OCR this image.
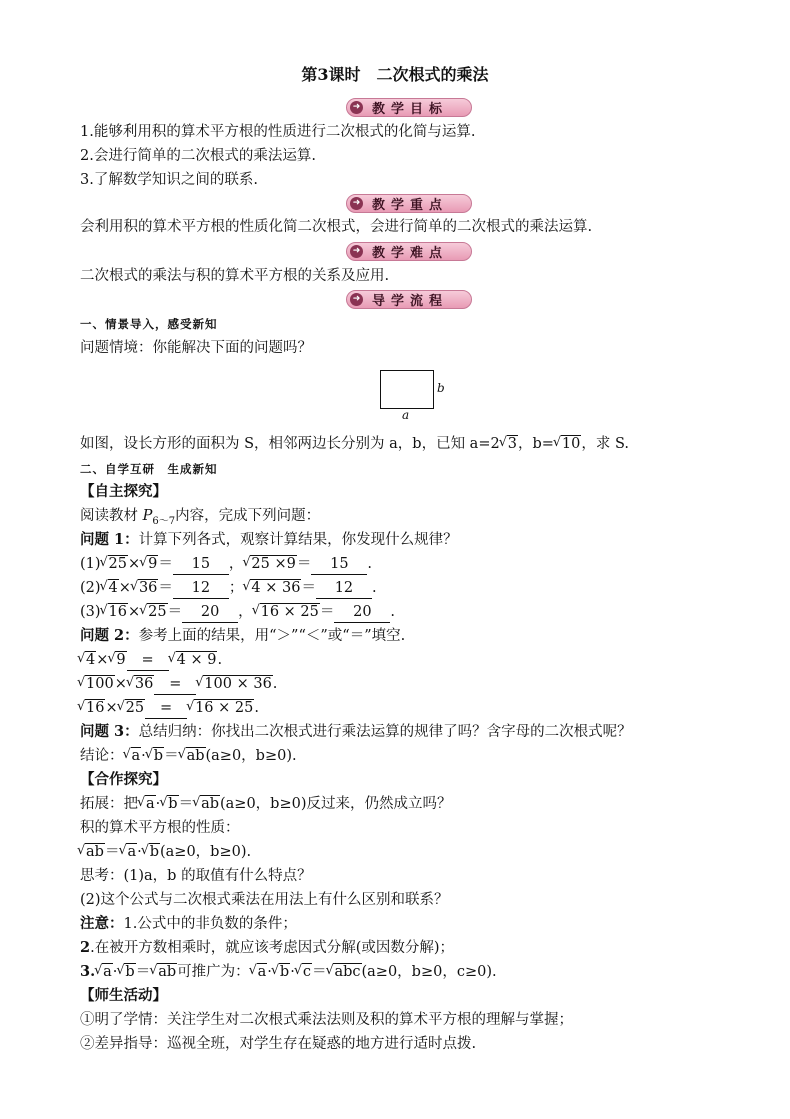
第3课时　二次根式的乘法
➜ 教学目标
1.能够利用积的算术平方根的性质进行二次根式的化简与运算.
2.会进行简单的二次根式的乘法运算.
3.了解数学知识之间的联系.
➜ 教学重点
会利用积的算术平方根的性质化简二次根式，会进行简单的二次根式的乘法运算.
➜ 教学难点
二次根式的乘法与积的算术平方根的关系及应用.
➜ 导学流程
一、情景导入，感受新知
问题情境：你能解决下面的问题吗？
b
a
如图，设长方形的面积为 S，相邻两边长分别为 a，b，已知 a=2 √ 3，b= √ 10，求 S.
二、自学互研　生成新知
【自主探究】
阅读教材 $P_{6\sim 7}$内容，完成下列问题：
问题 1：计算下列各式，观察计算结果，你发现什么规律？
(1) √ 25× √ 9＝ 15 ， √ 25 ×9＝ 15 .
(2) √ 4× √ 36＝ 12 ； √ 4 × 36＝ 12 .
(3) √ 16× √ 25＝ 20 ， √ 16 × 25＝ 20 .
问题 2：参考上面的结果，用“＞”“＜”或“＝”填空.
√ 4× √ 9 = √ 4 × 9.
√ 100× √ 36 = √ 100 × 36.
√ 16× √ 25 = √ 16 × 25.
问题 3：总结归纳：你找出二次根式进行乘法运算的规律了吗？含字母的二次根式呢？
结论： √ a· √ b＝ √ ab(a≥0，b≥0).
【合作探究】
拓展：把 √ a· √ b＝ √ ab(a≥0，b≥0)反过来，仍然成立吗？
积的算术平方根的性质：
√ ab＝ √ a· √ b(a≥0，b≥0).
思考：(1)a，b 的取值有什么特点？
(2)这个公式与二次根式乘法在用法上有什么区别和联系？
注意：1.公式中的非负数的条件；
2.在被开方数相乘时，就应该考虑因式分解(或因数分解)；
3. √ a· √ b＝ √ ab可推广为： √ a· √ b· √ c＝ √ abc(a≥0，b≥0，c≥0).
【师生活动】
①明了学情：关注学生对二次根式乘法法则及积的算术平方根的理解与掌握；
②差异指导：巡视全班，对学生存在疑惑的地方进行适时点拨.
